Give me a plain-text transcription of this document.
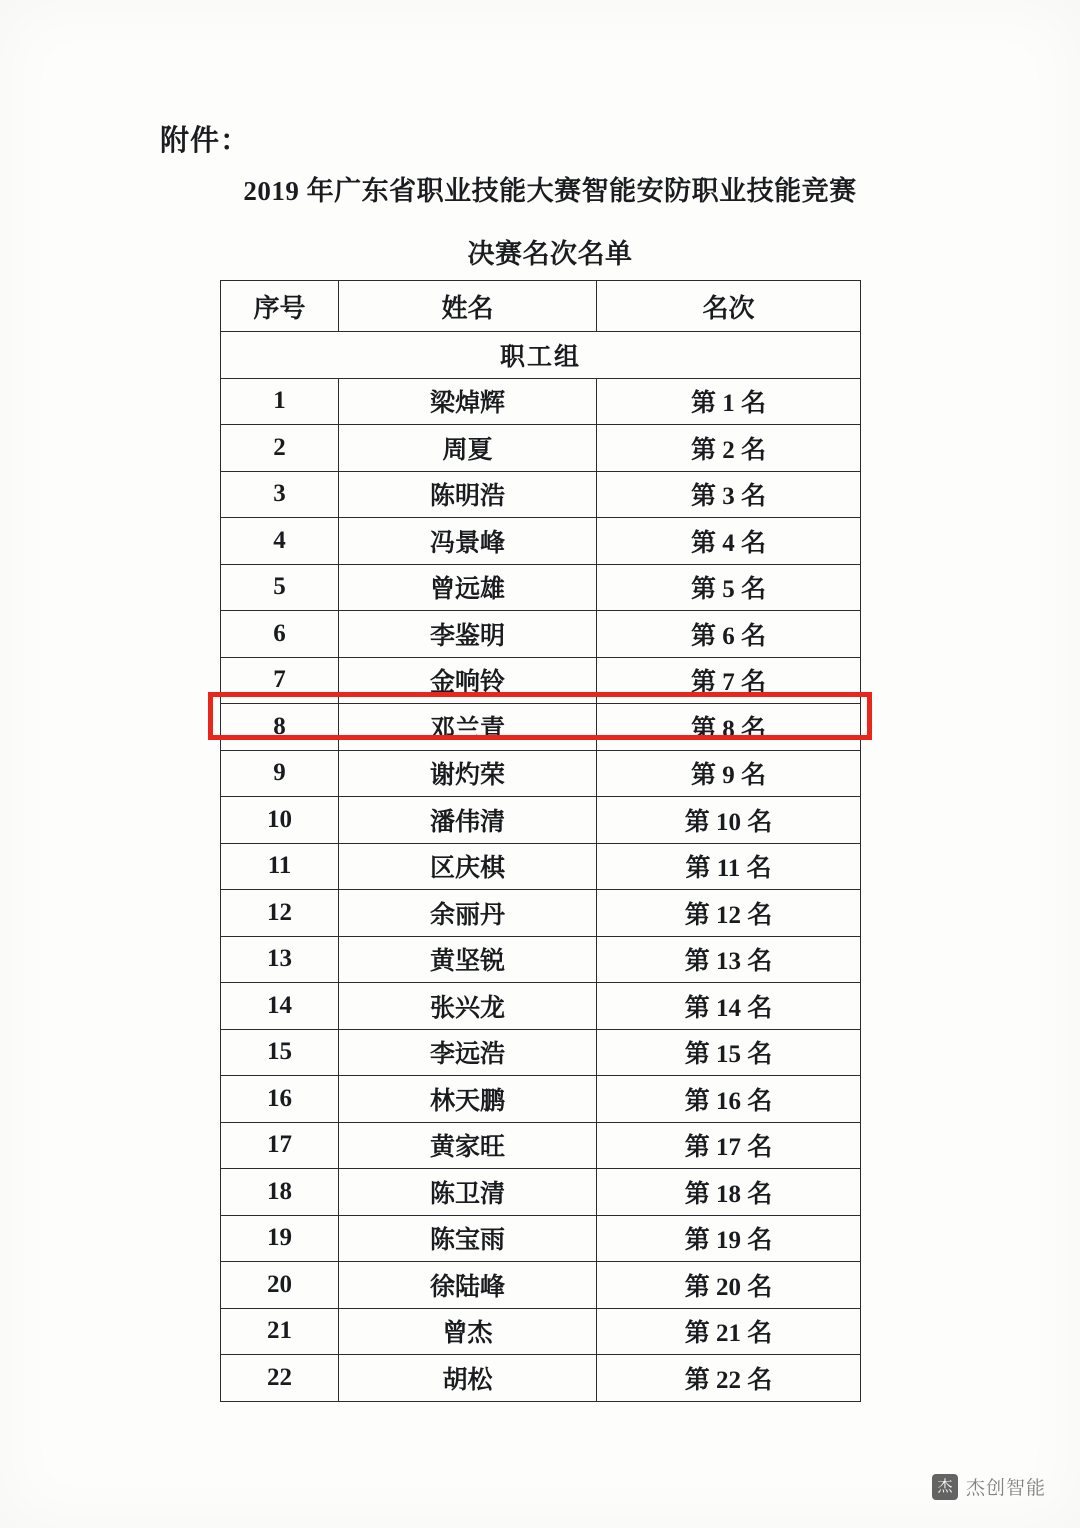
附件：
2019 年广东省职业技能大赛智能安防职业技能竞赛
决赛名次名单
序号	姓名	名次
职工组		
1	梁焯辉	第 1 名
2	周夏	第 2 名
3	陈明浩	第 3 名
4	冯景峰	第 4 名
5	曾远雄	第 5 名
6	李鉴明	第 6 名
7	金响铃	第 7 名
8	邓兰青	第 8 名
9	谢灼荣	第 9 名
10	潘伟清	第 10 名
11	区庆棋	第 11 名
12	余丽丹	第 12 名
13	黄坚锐	第 13 名
14	张兴龙	第 14 名
15	李远浩	第 15 名
16	林天鹏	第 16 名
17	黄家旺	第 17 名
18	陈卫清	第 18 名
19	陈宝雨	第 19 名
20	徐陆峰	第 20 名
21	曾杰	第 21 名
22	胡松	第 22 名
杰 杰创智能
